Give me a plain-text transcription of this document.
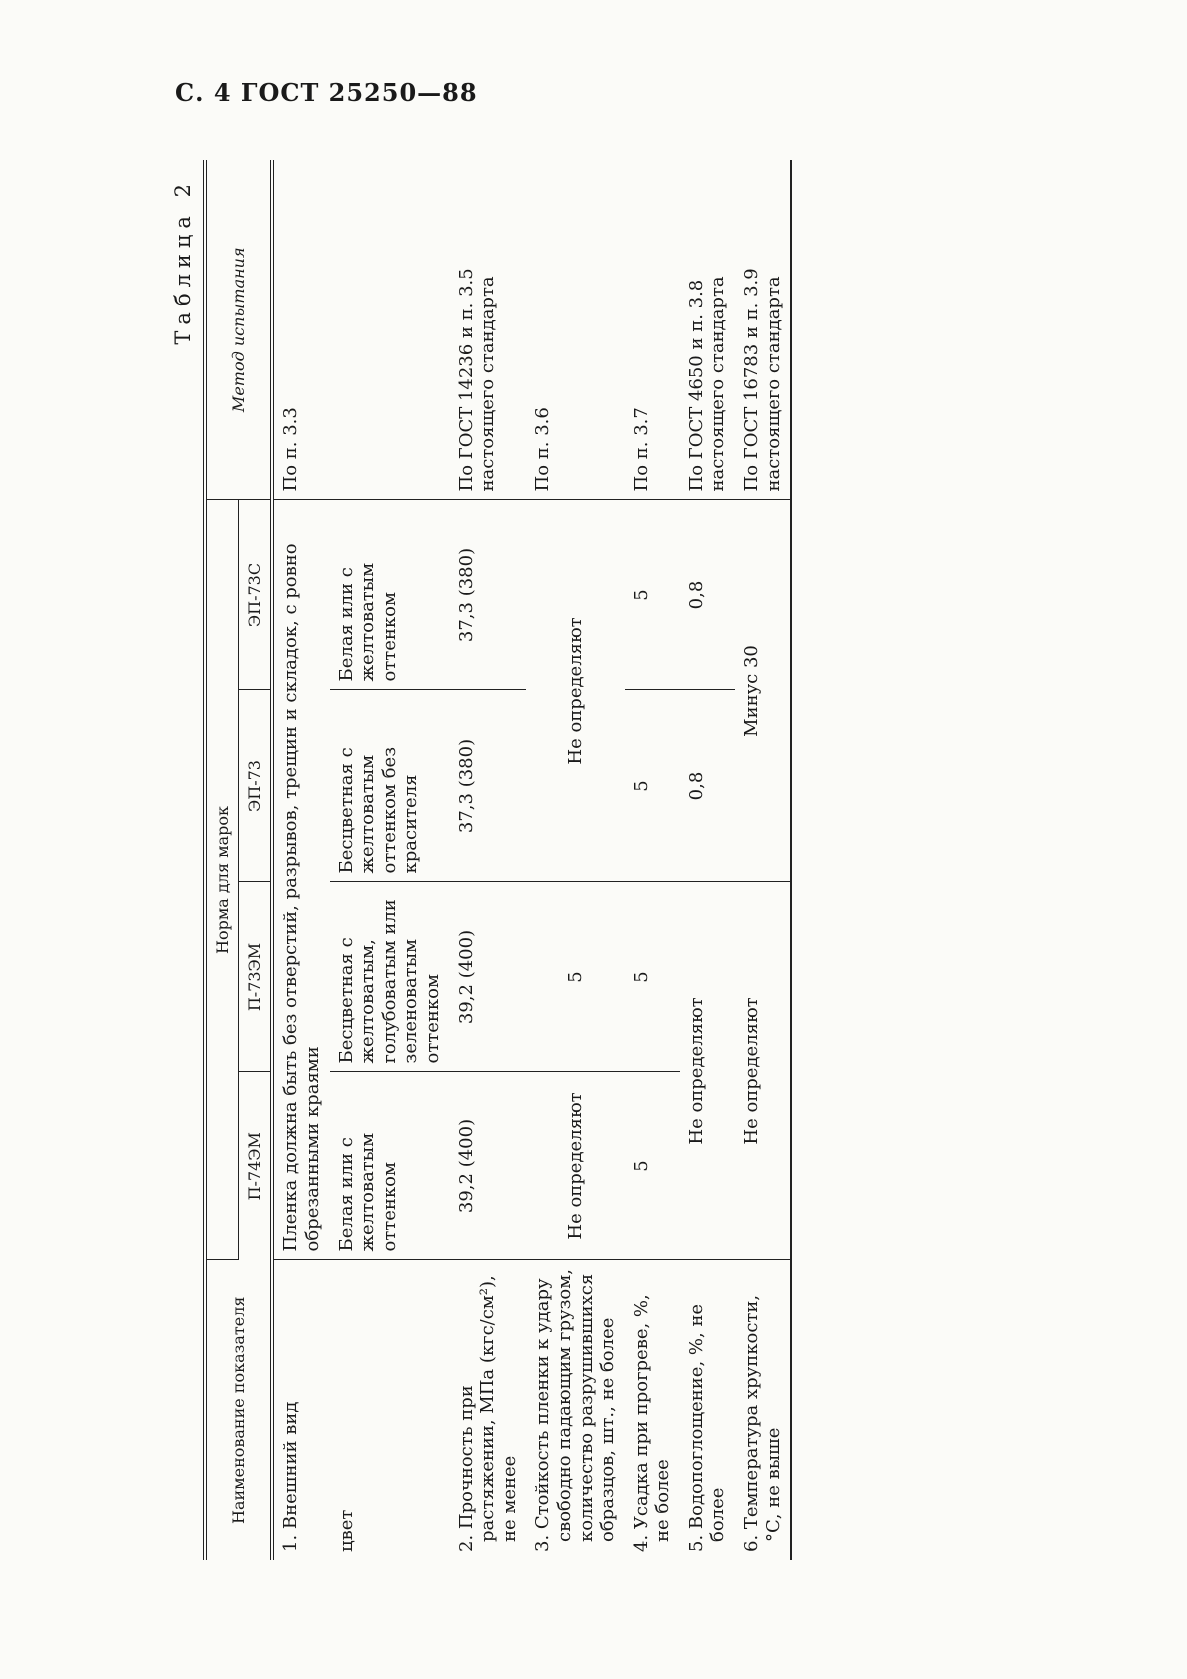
С. 4 ГОСТ 25250—88
Таблица 2
Наименование показателя	Норма для марок				Метод испытания
	П-74ЭМ	П-73ЭМ	ЭП-73	ЭП-73С	
1. Внешний вид	Пленка должна быть без отверстий, разрывов, трещин и складок, с ровно обрезанными краями				По п. 3.3
цвет	Белая или с желтоватым оттенком	Бесцветная с желтоватым, голубоватым или зеленоватым оттенком	Бесцветная с желтоватым оттенком без красителя	Белая или с желтоватым оттенком	
2. Прочность при растяжении, МПа (кгс/см²), не менее	39,2 (400)	39,2 (400)	37,3 (380)	37,3 (380)	По ГОСТ 14236 и п. 3.5 настоящего стандарта
3. Стойкость пленки к удару свободно падающим грузом, количество разрушившихся образцов, шт., не более	Не определяют	5	Не определяют		По п. 3.6
4. Усадка при прогреве, %, не более	5	5	5	5	По п. 3.7
5. Водопоглощение, %, не более	Не определяют		0,8	0,8	По ГОСТ 4650 и п. 3.8 настоящего стандарта
6. Температура хрупкости, °С, не выше	Не определяют		Минус 30		По ГОСТ 16783 и п. 3.9 настоящего стандарта
